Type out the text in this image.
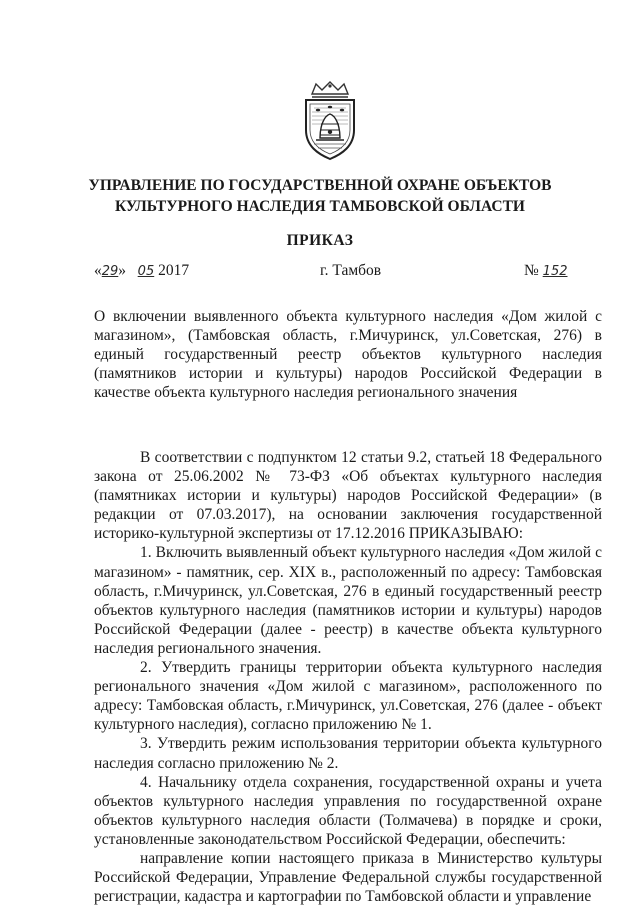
УПРАВЛЕНИЕ ПО ГОСУДАРСТВЕННОЙ ОХРАНЕ ОБЪЕКТОВ
КУЛЬТУРНОГО НАСЛЕДИЯ ТАМБОВСКОЙ ОБЛАСТИ
ПРИКАЗ
«29» 05 2017	г. Тамбов	№ 152
О включении выявленного объекта культурного наследия «Дом жилой с магазином», (Тамбовская область, г.Мичуринск, ул.Советская, 276) в единый государственный реестр объектов культурного наследия (памятников истории и культуры) народов Российской Федерации в качестве объекта культурного наследия регионального значения

В соответствии с подпунктом 12 статьи 9.2, статьей 18 Федерального закона от 25.06.2002 № 73-ФЗ «Об объектах культурного наследия (памятниках истории и культуры) народов Российской Федерации» (в редакции от 07.03.2017), на основании заключения государственной историко-культурной экспертизы от 17.12.2016 ПРИКАЗЫВАЮ:

1. Включить выявленный объект культурного наследия «Дом жилой с магазином» - памятник, сер. XIX в., расположенный по адресу: Тамбовская область, г.Мичуринск, ул.Советская, 276 в единый государственный реестр объектов культурного наследия (памятников истории и культуры) народов Российской Федерации (далее - реестр) в качестве объекта культурного наследия регионального значения.

2. Утвердить границы территории объекта культурного наследия регионального значения «Дом жилой с магазином», расположенного по адресу: Тамбовская область, г.Мичуринск, ул.Советская, 276 (далее - объект культурного наследия), согласно приложению № 1.

3. Утвердить режим использования территории объекта культурного наследия согласно приложению № 2.

4. Начальнику отдела сохранения, государственной охраны и учета объектов культурного наследия управления по государственной охране объектов культурного наследия области (Толмачева) в порядке и сроки, установленные законодательством Российской Федерации, обеспечить:

направление копии настоящего приказа в Министерство культуры Российской Федерации, Управление Федеральной службы государственной регистрации, кадастра и картографии по Тамбовской области и управление
